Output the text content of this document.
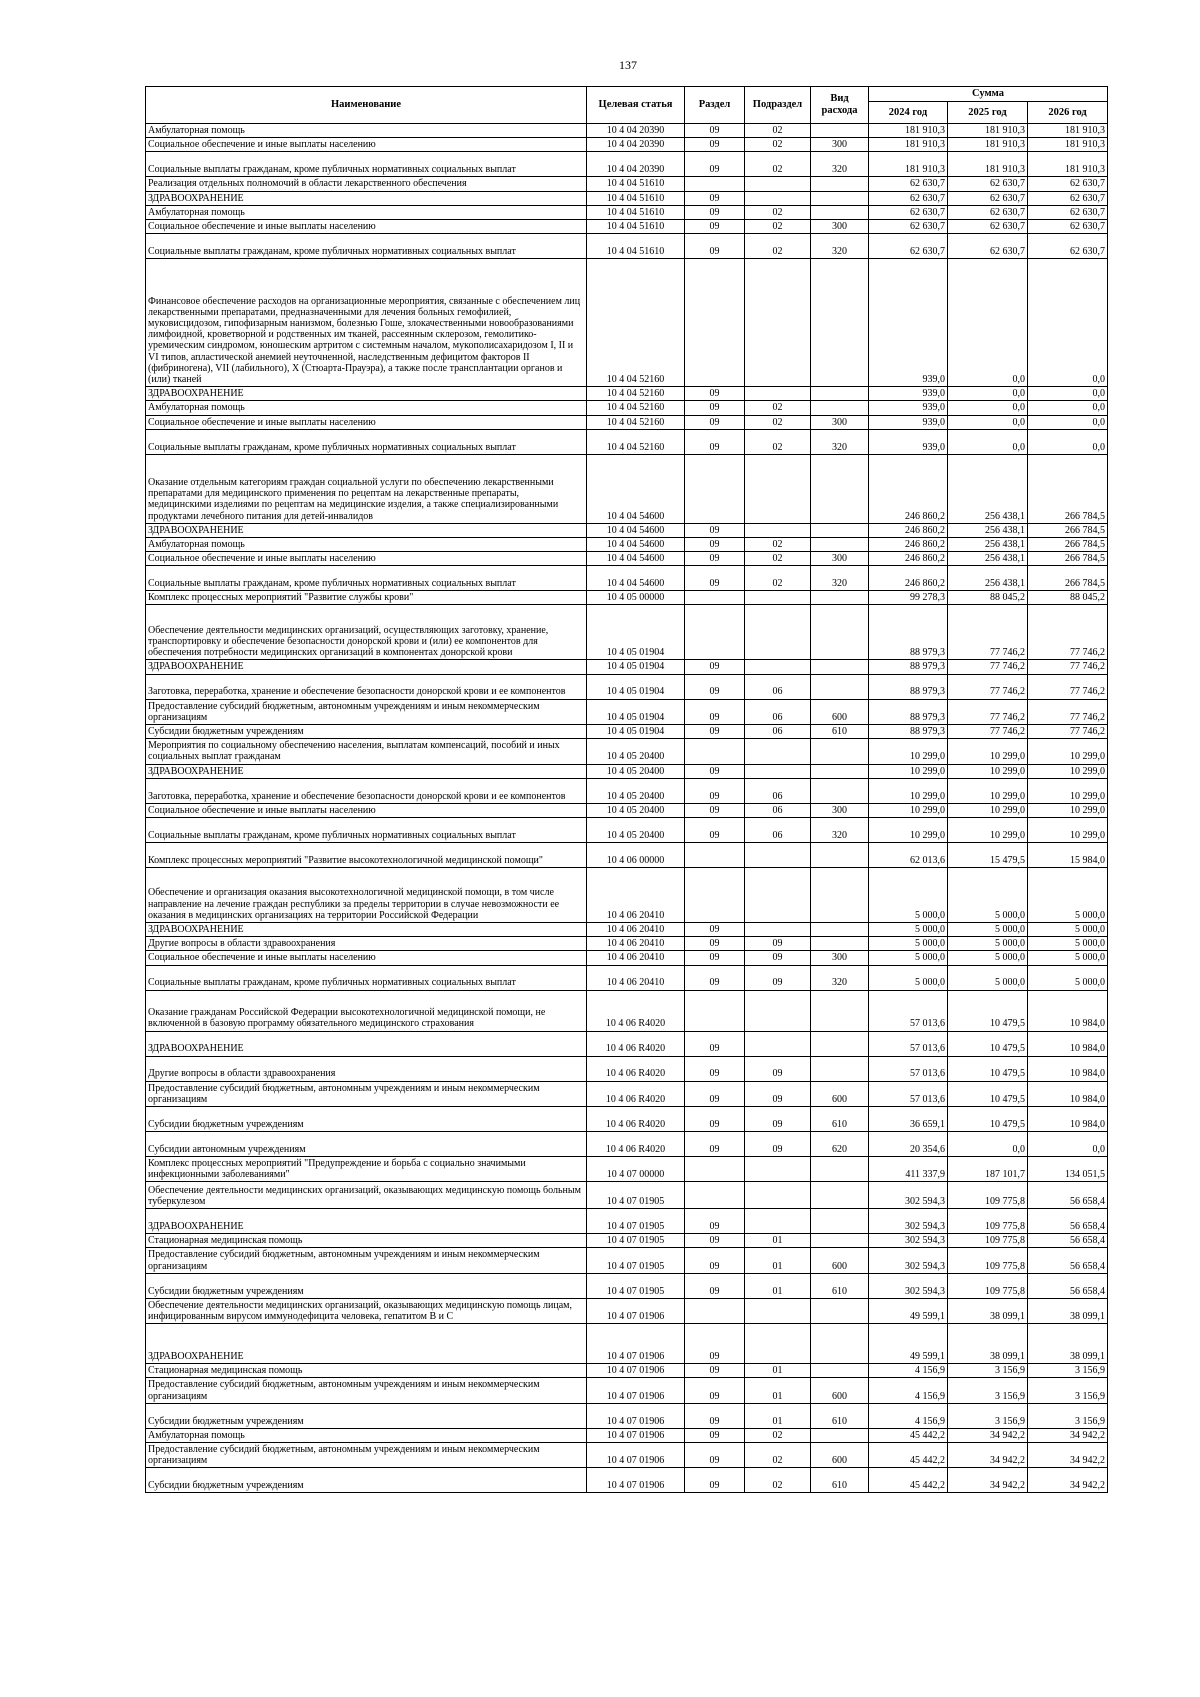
137
Наименование	Целевая статья	Раздел	Подраздел	Вид расхода	Сумма		
					2024 год	2025 год	2026 год
Амбулаторная помощь	10 4 04 20390	09	02		181 910,3	181 910,3	181 910,3
Социальное обеспечение и иные выплаты населению	10 4 04 20390	09	02	300	181 910,3	181 910,3	181 910,3
Социальные выплаты гражданам, кроме публичных нормативных социальных выплат	10 4 04 20390	09	02	320	181 910,3	181 910,3	181 910,3
Реализация отдельных полномочий в области лекарственного обеспечения	10 4 04 51610				62 630,7	62 630,7	62 630,7
ЗДРАВООХРАНЕНИЕ	10 4 04 51610	09			62 630,7	62 630,7	62 630,7
Амбулаторная помощь	10 4 04 51610	09	02		62 630,7	62 630,7	62 630,7
Социальное обеспечение и иные выплаты населению	10 4 04 51610	09	02	300	62 630,7	62 630,7	62 630,7
Социальные выплаты гражданам, кроме публичных нормативных социальных выплат	10 4 04 51610	09	02	320	62 630,7	62 630,7	62 630,7
Финансовое обеспечение расходов на организационные мероприятия, связанные с обеспечением лиц лекарственными препаратами, предназначенными для лечения больных гемофилией, муковисцидозом, гипофизарным нанизмом, болезнью Гоше, злокачественными новообразованиями лимфоидной, кроветворной и родственных им тканей, рассеянным склерозом, гемолитико-уремическим синдромом, юношеским артритом с системным началом, мукополисахаридозом I, II и VI типов, апластической анемией неуточненной, наследственным дефицитом факторов II (фибриногена), VII (лабильного), X (Стюарта-Прауэра), а также после трансплантации органов и (или) тканей	10 4 04 52160				939,0	0,0	0,0
ЗДРАВООХРАНЕНИЕ	10 4 04 52160	09			939,0	0,0	0,0
Амбулаторная помощь	10 4 04 52160	09	02		939,0	0,0	0,0
Социальное обеспечение и иные выплаты населению	10 4 04 52160	09	02	300	939,0	0,0	0,0
Социальные выплаты гражданам, кроме публичных нормативных социальных выплат	10 4 04 52160	09	02	320	939,0	0,0	0,0
Оказание отдельным категориям граждан социальной услуги по обеспечению лекарственными препаратами для медицинского применения по рецептам на лекарственные препараты, медицинскими изделиями по рецептам на медицинские изделия, а также специализированными продуктами лечебного питания для детей-инвалидов	10 4 04 54600				246 860,2	256 438,1	266 784,5
ЗДРАВООХРАНЕНИЕ	10 4 04 54600	09			246 860,2	256 438,1	266 784,5
Амбулаторная помощь	10 4 04 54600	09	02		246 860,2	256 438,1	266 784,5
Социальное обеспечение и иные выплаты населению	10 4 04 54600	09	02	300	246 860,2	256 438,1	266 784,5
Социальные выплаты гражданам, кроме публичных нормативных социальных выплат	10 4 04 54600	09	02	320	246 860,2	256 438,1	266 784,5
Комплекс процессных мероприятий "Развитие службы крови"	10 4 05 00000				99 278,3	88 045,2	88 045,2
Обеспечение деятельности медицинских организаций, осуществляющих заготовку, хранение, транспортировку и обеспечение безопасности донорской крови и (или) ее компонентов для обеспечения потребности медицинских организаций в компонентах донорской крови	10 4 05 01904				88 979,3	77 746,2	77 746,2
ЗДРАВООХРАНЕНИЕ	10 4 05 01904	09			88 979,3	77 746,2	77 746,2
Заготовка, переработка, хранение и обеспечение безопасности донорской крови и ее компонентов	10 4 05 01904	09	06		88 979,3	77 746,2	77 746,2
Предоставление субсидий бюджетным, автономным учреждениям и иным некоммерческим организациям	10 4 05 01904	09	06	600	88 979,3	77 746,2	77 746,2
Субсидии бюджетным учреждениям	10 4 05 01904	09	06	610	88 979,3	77 746,2	77 746,2
Мероприятия по социальному обеспечению населения, выплатам компенсаций, пособий и иных социальных выплат гражданам	10 4 05 20400				10 299,0	10 299,0	10 299,0
ЗДРАВООХРАНЕНИЕ	10 4 05 20400	09			10 299,0	10 299,0	10 299,0
Заготовка, переработка, хранение и обеспечение безопасности донорской крови и ее компонентов	10 4 05 20400	09	06		10 299,0	10 299,0	10 299,0
Социальное обеспечение и иные выплаты населению	10 4 05 20400	09	06	300	10 299,0	10 299,0	10 299,0
Социальные выплаты гражданам, кроме публичных нормативных социальных выплат	10 4 05 20400	09	06	320	10 299,0	10 299,0	10 299,0
Комплекс процессных мероприятий "Развитие высокотехнологичной медицинской помощи"	10 4 06 00000				62 013,6	15 479,5	15 984,0
Обеспечение и организация оказания высокотехнологичной медицинской помощи, в том числе направление на лечение граждан республики за пределы территории в случае невозможности ее оказания в медицинских организациях на территории Российской Федерации	10 4 06 20410				5 000,0	5 000,0	5 000,0
ЗДРАВООХРАНЕНИЕ	10 4 06 20410	09			5 000,0	5 000,0	5 000,0
Другие вопросы в области здравоохранения	10 4 06 20410	09	09		5 000,0	5 000,0	5 000,0
Социальное обеспечение и иные выплаты населению	10 4 06 20410	09	09	300	5 000,0	5 000,0	5 000,0
Социальные выплаты гражданам, кроме публичных нормативных социальных выплат	10 4 06 20410	09	09	320	5 000,0	5 000,0	5 000,0
Оказание гражданам Российской Федерации высокотехнологичной медицинской помощи, не включенной в базовую программу обязательного медицинского страхования	10 4 06 R4020				57 013,6	10 479,5	10 984,0
ЗДРАВООХРАНЕНИЕ	10 4 06 R4020	09			57 013,6	10 479,5	10 984,0
Другие вопросы в области здравоохранения	10 4 06 R4020	09	09		57 013,6	10 479,5	10 984,0
Предоставление субсидий бюджетным, автономным учреждениям и иным некоммерческим организациям	10 4 06 R4020	09	09	600	57 013,6	10 479,5	10 984,0
Субсидии бюджетным учреждениям	10 4 06 R4020	09	09	610	36 659,1	10 479,5	10 984,0
Субсидии автономным учреждениям	10 4 06 R4020	09	09	620	20 354,6	0,0	0,0
Комплекс процессных мероприятий "Предупреждение и борьба с социально значимыми инфекционными заболеваниями"	10 4 07 00000				411 337,9	187 101,7	134 051,5
Обеспечение деятельности медицинских организаций, оказывающих медицинскую помощь больным туберкулезом	10 4 07 01905				302 594,3	109 775,8	56 658,4
ЗДРАВООХРАНЕНИЕ	10 4 07 01905	09			302 594,3	109 775,8	56 658,4
Стационарная медицинская помощь	10 4 07 01905	09	01		302 594,3	109 775,8	56 658,4
Предоставление субсидий бюджетным, автономным учреждениям и иным некоммерческим организациям	10 4 07 01905	09	01	600	302 594,3	109 775,8	56 658,4
Субсидии бюджетным учреждениям	10 4 07 01905	09	01	610	302 594,3	109 775,8	56 658,4
Обеспечение деятельности медицинских организаций, оказывающих медицинскую помощь лицам, инфицированным вирусом иммунодефицита человека, гепатитом В и С	10 4 07 01906				49 599,1	38 099,1	38 099,1
ЗДРАВООХРАНЕНИЕ	10 4 07 01906	09			49 599,1	38 099,1	38 099,1
Стационарная медицинская помощь	10 4 07 01906	09	01		4 156,9	3 156,9	3 156,9
Предоставление субсидий бюджетным, автономным учреждениям и иным некоммерческим организациям	10 4 07 01906	09	01	600	4 156,9	3 156,9	3 156,9
Субсидии бюджетным учреждениям	10 4 07 01906	09	01	610	4 156,9	3 156,9	3 156,9
Амбулаторная помощь	10 4 07 01906	09	02		45 442,2	34 942,2	34 942,2
Предоставление субсидий бюджетным, автономным учреждениям и иным некоммерческим организациям	10 4 07 01906	09	02	600	45 442,2	34 942,2	34 942,2
Субсидии бюджетным учреждениям	10 4 07 01906	09	02	610	45 442,2	34 942,2	34 942,2
